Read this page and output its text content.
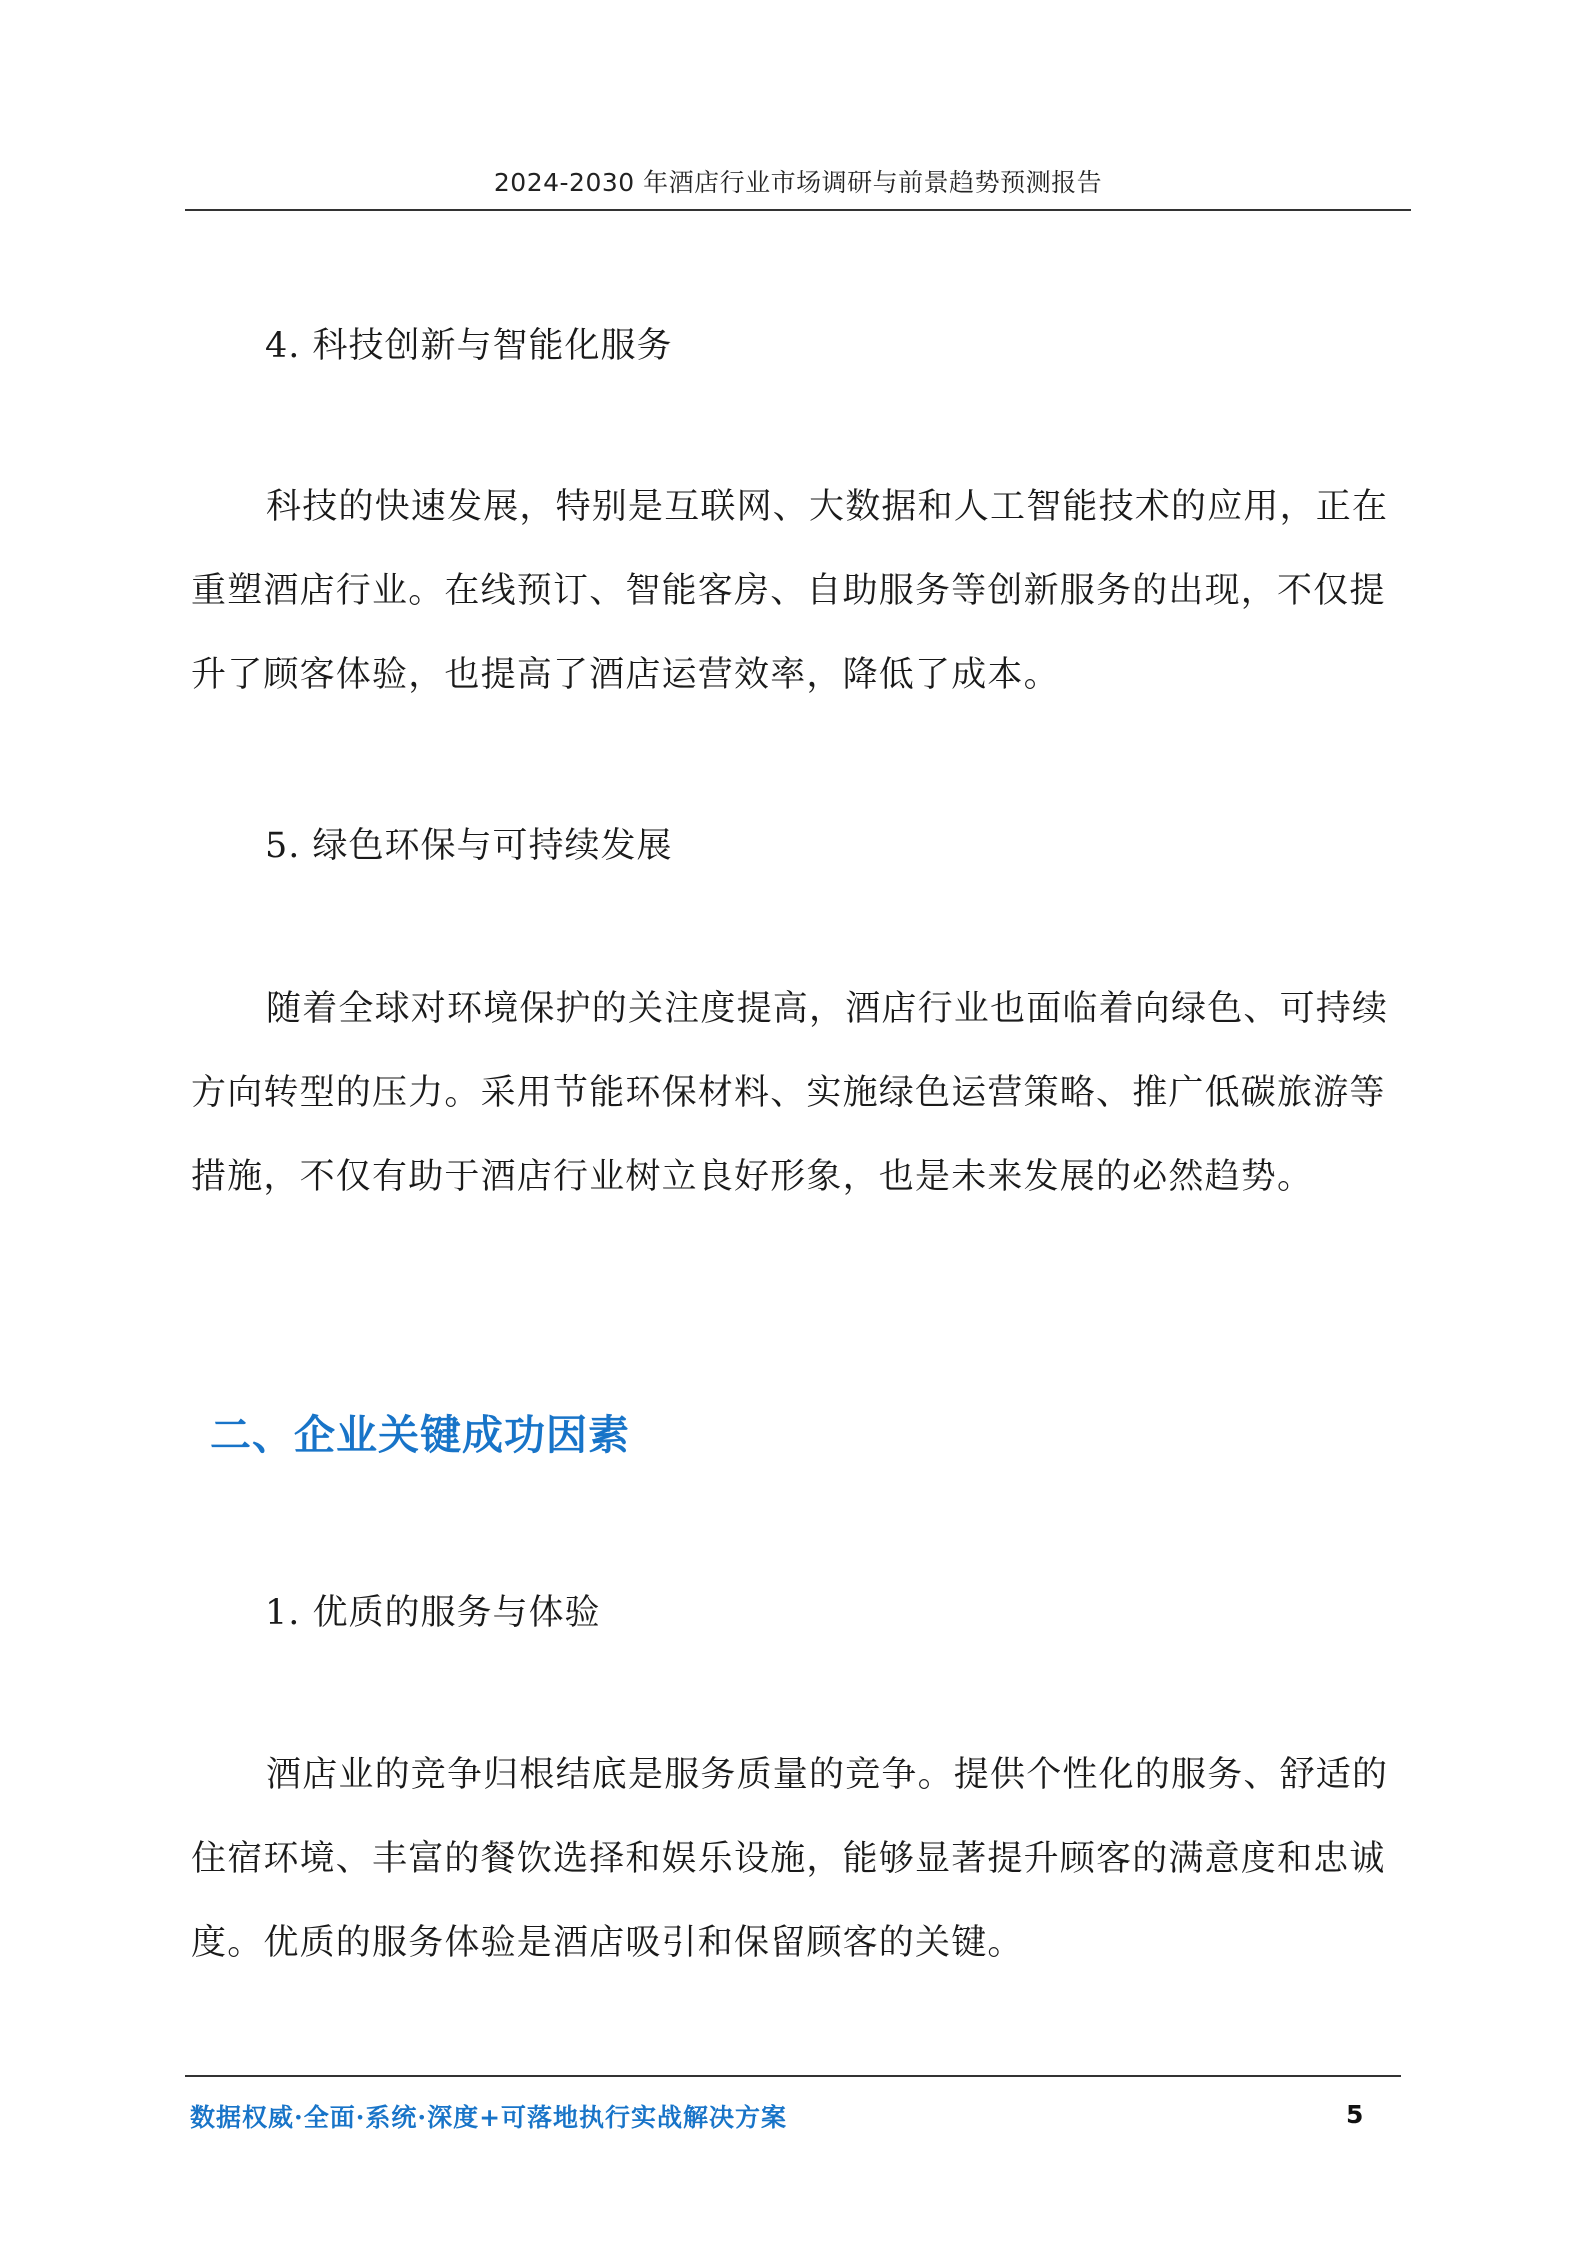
2024-2030 年酒店行业市场调研与前景趋势预测报告
4. 科技创新与智能化服务
科技的快速发展，特别是互联网、大数据和人工智能技术的应用，正在重塑酒店行业。在线预订、智能客房、自助服务等创新服务的出现，不仅提升了顾客体验，也提高了酒店运营效率，降低了成本。
5. 绿色环保与可持续发展
随着全球对环境保护的关注度提高，酒店行业也面临着向绿色、可持续方向转型的压力。采用节能环保材料、实施绿色运营策略、推广低碳旅游等措施，不仅有助于酒店行业树立良好形象，也是未来发展的必然趋势。
二、企业关键成功因素
1. 优质的服务与体验
酒店业的竞争归根结底是服务质量的竞争。提供个性化的服务、舒适的住宿环境、丰富的餐饮选择和娱乐设施，能够显著提升顾客的满意度和忠诚度。优质的服务体验是酒店吸引和保留顾客的关键。
数据权威·全面·系统·深度+可落地执行实战解决方案	5
